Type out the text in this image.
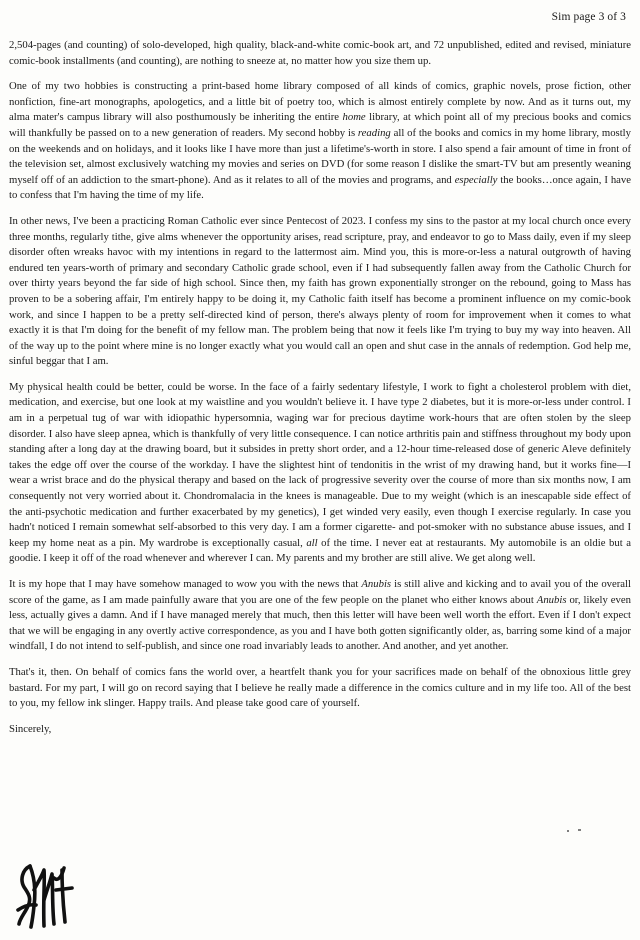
Sim page 3 of 3

2,504-pages (and counting) of solo-developed, high quality, black-and-white comic-book art, and 72 unpublished, edited and revised, miniature comic-book installments (and counting), are nothing to sneeze at, no matter how you size them up.

One of my two hobbies is constructing a print-based home library composed of all kinds of comics, graphic novels, prose fiction, other nonfiction, fine-art monographs, apologetics, and a little bit of poetry too, which is almost entirely complete by now. And as it turns out, my alma mater's campus library will also posthumously be inheriting the entire home library, at which point all of my precious books and comics will thankfully be passed on to a new generation of readers. My second hobby is reading all of the books and comics in my home library, mostly on the weekends and on holidays, and it looks like I have more than just a lifetime's-worth in store. I also spend a fair amount of time in front of the television set, almost exclusively watching my movies and series on DVD (for some reason I dislike the smart-TV but am presently weaning myself off of an addiction to the smart-phone). And as it relates to all of the movies and programs, and especially the books…once again, I have to confess that I'm having the time of my life.

In other news, I've been a practicing Roman Catholic ever since Pentecost of 2023. I confess my sins to the pastor at my local church once every three months, regularly tithe, give alms whenever the opportunity arises, read scripture, pray, and endeavor to go to Mass daily, even if my sleep disorder often wreaks havoc with my intentions in regard to the lattermost aim. Mind you, this is more-or-less a natural outgrowth of having endured ten years-worth of primary and secondary Catholic grade school, even if I had subsequently fallen away from the Catholic Church for over thirty years beyond the far side of high school. Since then, my faith has grown exponentially stronger on the rebound, going to Mass has proven to be a sobering affair, I'm entirely happy to be doing it, my Catholic faith itself has become a prominent influence on my comic-book work, and since I happen to be a pretty self-directed kind of person, there's always plenty of room for improvement when it comes to what exactly it is that I'm doing for the benefit of my fellow man. The problem being that now it feels like I'm trying to buy my way into heaven. All of the way up to the point where mine is no longer exactly what you would call an open and shut case in the annals of redemption. God help me, sinful beggar that I am.

My physical health could be better, could be worse. In the face of a fairly sedentary lifestyle, I work to fight a cholesterol problem with diet, medication, and exercise, but one look at my waistline and you wouldn't believe it. I have type 2 diabetes, but it is more-or-less under control. I am in a perpetual tug of war with idiopathic hypersomnia, waging war for precious daytime work-hours that are often stolen by the sleep disorder. I also have sleep apnea, which is thankfully of very little consequence. I can notice arthritis pain and stiffness throughout my body upon standing after a long day at the drawing board, but it subsides in pretty short order, and a 12-hour time-released dose of generic Aleve definitely takes the edge off over the course of the workday. I have the slightest hint of tendonitis in the wrist of my drawing hand, but it works fine—I wear a wrist brace and do the physical therapy and based on the lack of progressive severity over the course of more than six months now, I am consequently not very worried about it. Chondromalacia in the knees is manageable. Due to my weight (which is an inescapable side effect of the anti-psychotic medication and further exacerbated by my genetics), I get winded very easily, even though I exercise regularly. In case you hadn't noticed I remain somewhat self-absorbed to this very day. I am a former cigarette- and pot-smoker with no substance abuse issues, and I keep my home neat as a pin. My wardrobe is exceptionally casual, all of the time. I never eat at restaurants. My automobile is an oldie but a goodie. I keep it off of the road whenever and wherever I can. My parents and my brother are still alive. We get along well.

It is my hope that I may have somehow managed to wow you with the news that Anubis is still alive and kicking and to avail you of the overall score of the game, as I am made painfully aware that you are one of the few people on the planet who either knows about Anubis or, likely even less, actually gives a damn. And if I have managed merely that much, then this letter will have been well worth the effort. Even if I don't expect that we will be engaging in any overtly active correspondence, as you and I have both gotten significantly older, as, barring some kind of a major windfall, I do not intend to self-publish, and since one road invariably leads to another. And another, and yet another.

That's it, then. On behalf of comics fans the world over, a heartfelt thank you for your sacrifices made on behalf of the obnoxious little grey bastard. For my part, I will go on record saying that I believe he really made a difference in the comics culture and in my life too. All of the best to you, my fellow ink slinger. Happy trails. And please take good care of yourself.

Sincerely,
